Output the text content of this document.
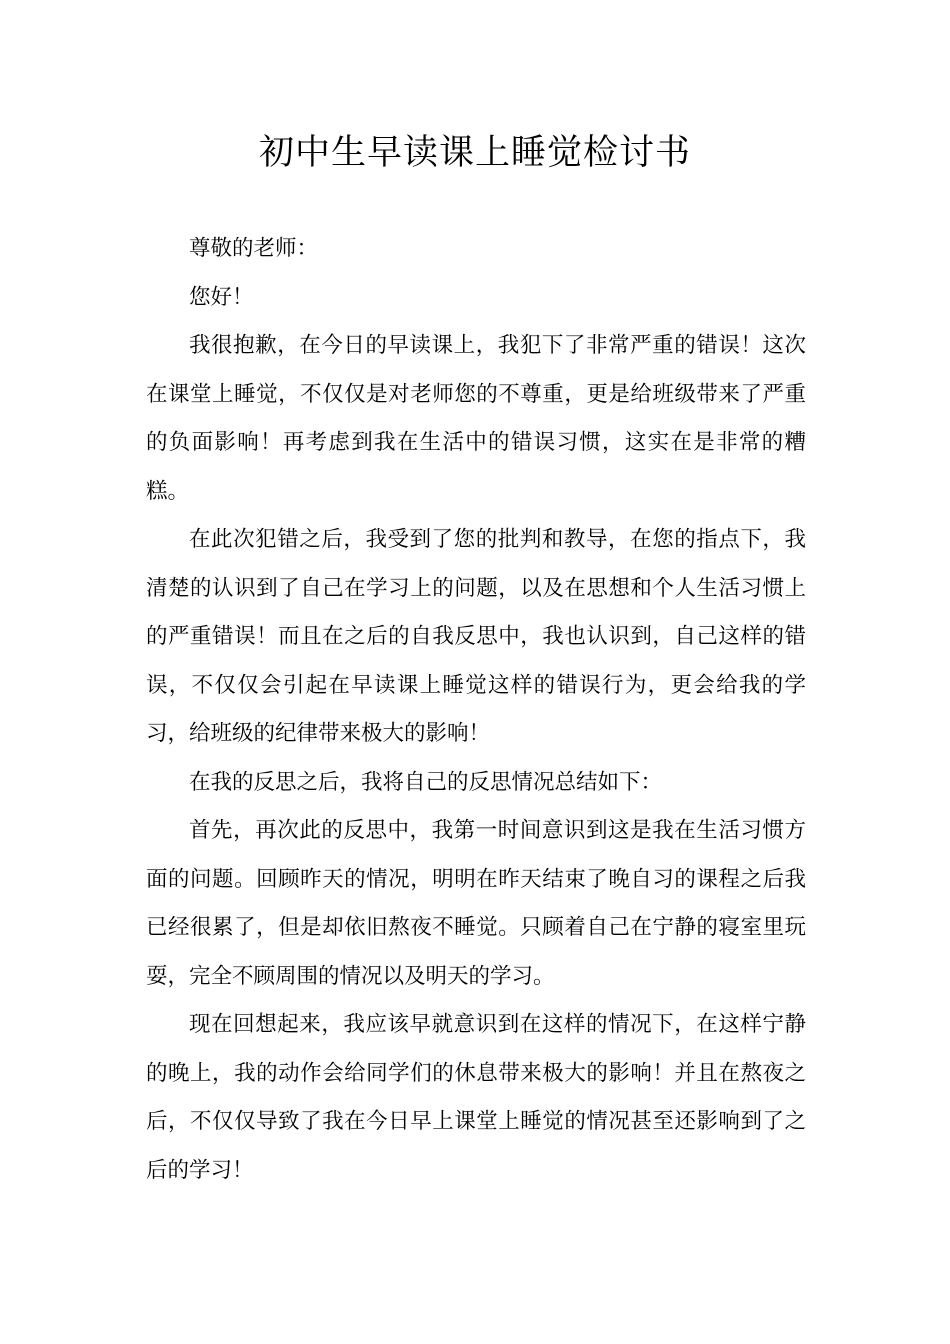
初中生早读课上睡觉检讨书

尊敬的老师：

您好！

我很抱歉，在今日的早读课上，我犯下了非常严重的错误！这次在课堂上睡觉，不仅仅是对老师您的不尊重，更是给班级带来了严重的负面影响！再考虑到我在生活中的错误习惯，这实在是非常的糟糕。

在此次犯错之后，我受到了您的批判和教导，在您的指点下，我清楚的认识到了自己在学习上的问题，以及在思想和个人生活习惯上的严重错误！而且在之后的自我反思中，我也认识到，自己这样的错误，不仅仅会引起在早读课上睡觉这样的错误行为，更会给我的学习，给班级的纪律带来极大的影响！

在我的反思之后，我将自己的反思情况总结如下：

首先，再次此的反思中，我第一时间意识到这是我在生活习惯方面的问题。回顾昨天的情况，明明在昨天结束了晚自习的课程之后我已经很累了，但是却依旧熬夜不睡觉。只顾着自己在宁静的寝室里玩耍，完全不顾周围的情况以及明天的学习。

现在回想起来，我应该早就意识到在这样的情况下，在这样宁静的晚上，我的动作会给同学们的休息带来极大的影响！并且在熬夜之后，不仅仅导致了我在今日早上课堂上睡觉的情况甚至还影响到了之后的学习！
